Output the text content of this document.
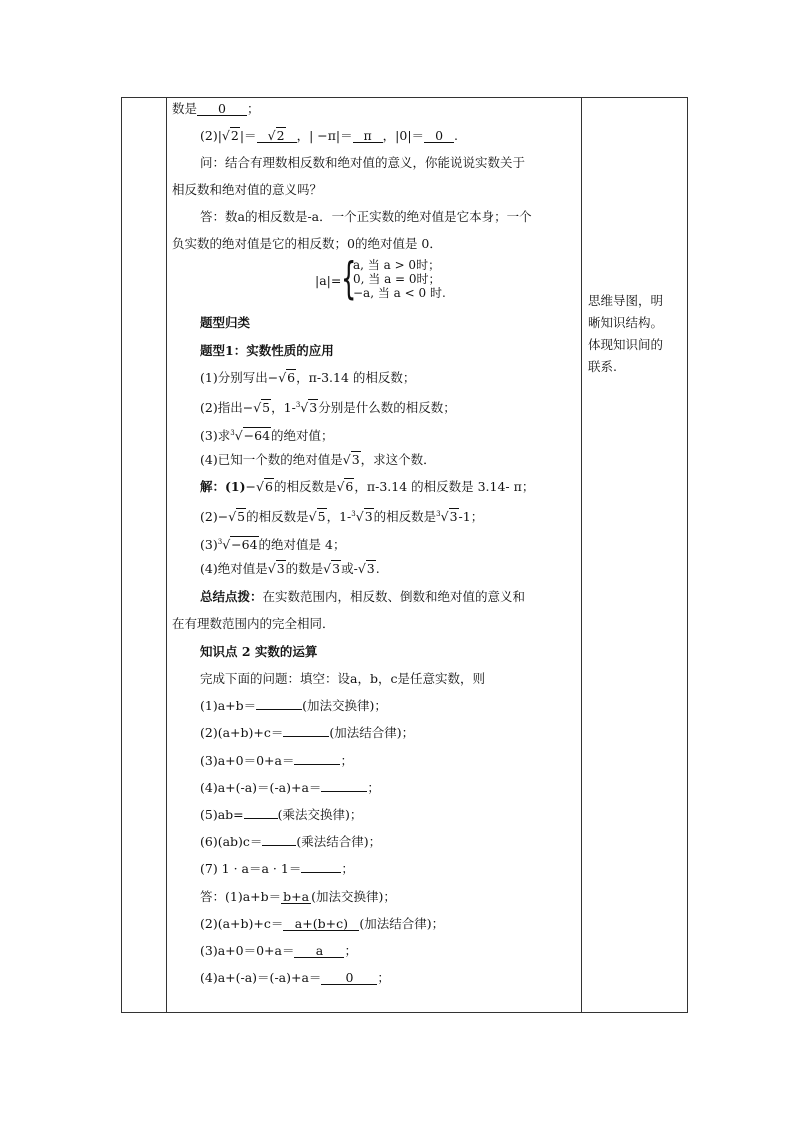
数是 0 ；
(2)|√2|＝ √2 ，| −π|＝ π ，|0|＝ 0 .
问：结合有理数相反数和绝对值的意义，你能说说实数关于
相反数和绝对值的意义吗？
答：数a的相反数是-a．一个正实数的绝对值是它本身；一个
负实数的绝对值是它的相反数；0的绝对值是 0．
|a|= {
a, 当 a > 0时；
0, 当 a = 0时；
−a, 当 a < 0 时.
题型归类
题型1：实数性质的应用
(1)分别写出−√6，π-3.14 的相反数；
(2)指出−√5，1-$^3$√3分别是什么数的相反数；
(3)求$^3$√−64的绝对值；
(4)已知一个数的绝对值是√3，求这个数．
解：(1)−√6的相反数是√6，π-3.14 的相反数是 3.14- π；
(2)−√5的相反数是√5，1-$^3$√3的相反数是$^3$√3-1；
$(3)^3√-64$的绝对值是 4；
(4)绝对值是√3的数是√3或-√3.
总结点拨：在实数范围内，相反数、倒数和绝对值的意义和
在有理数范围内的完全相同．
知识点 2 实数的运算
完成下面的问题：填空：设a，b，c是任意实数，则
(1)a+b＝	(加法交换律)；
(2)(a+b)+c＝	(加法结合律)；
(3)a+0＝0+a＝	；
(4)a+(-a)＝(-a)+a＝	；
(5)ab=	(乘法交换律)；
(6)(ab)c＝	(乘法结合律)；
(7) 1 · a＝a · 1＝	；
答：(1)a+b＝ b+a (加法交换律)；
(2)(a+b)+c＝ a+(b+c) (加法结合律)；
(3)a+0＝0+a＝ a ；
(4)a+(-a)＝(-a)+a＝ 0 ；
思维导图，明
晰知识结构。
体现知识间的
联系.
